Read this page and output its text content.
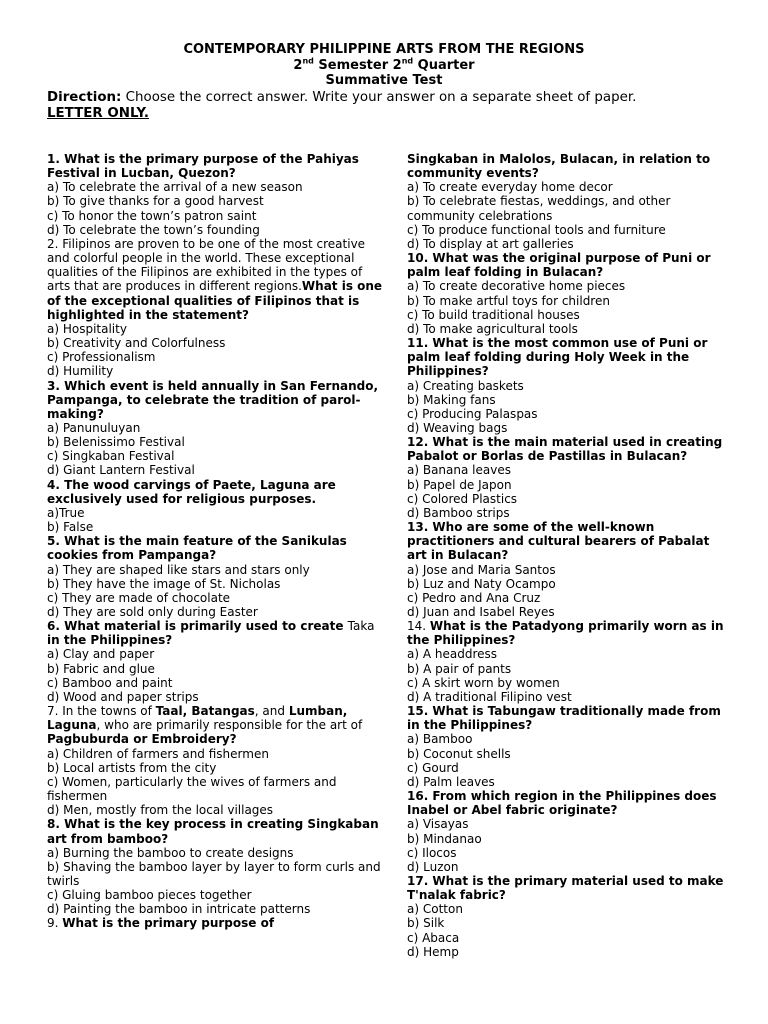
CONTEMPORARY PHILIPPINE ARTS FROM THE REGIONS
2nd Semester 2nd Quarter
Summative Test
Direction: Choose the correct answer. Write your answer on a separate sheet of paper.
LETTER ONLY.
1. What is the primary purpose of the Pahiyas Festival in Lucban, Quezon?
a) To celebrate the arrival of a new season
b) To give thanks for a good harvest
c) To honor the town’s patron saint
d) To celebrate the town’s founding
2. Filipinos are proven to be one of the most creative and colorful people in the world. These exceptional qualities of the Filipinos are exhibited in the types of arts that are produces in different regions.What is one of the exceptional qualities of Filipinos that is highlighted in the statement?
a) Hospitality
b) Creativity and Colorfulness
c) Professionalism
d) Humility
3. Which event is held annually in San Fernando, Pampanga, to celebrate the tradition of parol-making?
a) Panunuluyan
b) Belenissimo Festival
c) Singkaban Festival
d) Giant Lantern Festival
4. The wood carvings of Paete, Laguna are exclusively used for religious purposes.
a)True
b) False
5. What is the main feature of the Sanikulas cookies from Pampanga?
a) They are shaped like stars and stars only
b) They have the image of St. Nicholas
c) They are made of chocolate
d) They are sold only during Easter
6. What material is primarily used to create Taka in the Philippines?
a) Clay and paper
b) Fabric and glue
c) Bamboo and paint
d) Wood and paper strips
7. In the towns of Taal, Batangas, and Lumban, Laguna, who are primarily responsible for the art of Pagbuburda or Embroidery?
a) Children of farmers and fishermen
b) Local artists from the city
c) Women, particularly the wives of farmers and fishermen
d) Men, mostly from the local villages
8. What is the key process in creating Singkaban art from bamboo?
a) Burning the bamboo to create designs
b) Shaving the bamboo layer by layer to form curls and twirls
c) Gluing bamboo pieces together
d) Painting the bamboo in intricate patterns
9. What is the primary purpose of
Singkaban in Malolos, Bulacan, in relation to community events?
a) To create everyday home decor
b) To celebrate fiestas, weddings, and other community celebrations
c) To produce functional tools and furniture
d) To display at art galleries
10. What was the original purpose of Puni or palm leaf folding in Bulacan?
a) To create decorative home pieces
b) To make artful toys for children
c) To build traditional houses
d) To make agricultural tools
11. What is the most common use of Puni or palm leaf folding during Holy Week in the Philippines?
a) Creating baskets
b) Making fans
c) Producing Palaspas
d) Weaving bags
12. What is the main material used in creating Pabalot or Borlas de Pastillas in Bulacan?
a) Banana leaves
b) Papel de Japon
c) Colored Plastics
d) Bamboo strips
13. Who are some of the well-known practitioners and cultural bearers of Pabalat art in Bulacan?
a) Jose and Maria Santos
b) Luz and Naty Ocampo
c) Pedro and Ana Cruz
d) Juan and Isabel Reyes
14. What is the Patadyong primarily worn as in the Philippines?
a) A headdress
b) A pair of pants
c) A skirt worn by women
d) A traditional Filipino vest
15. What is Tabungaw traditionally made from in the Philippines?
a) Bamboo
b) Coconut shells
c) Gourd
d) Palm leaves
16. From which region in the Philippines does Inabel or Abel fabric originate?
a) Visayas
b) Mindanao
c) Ilocos
d) Luzon
17. What is the primary material used to make T'nalak fabric?
a) Cotton
b) Silk
c) Abaca
d) Hemp
